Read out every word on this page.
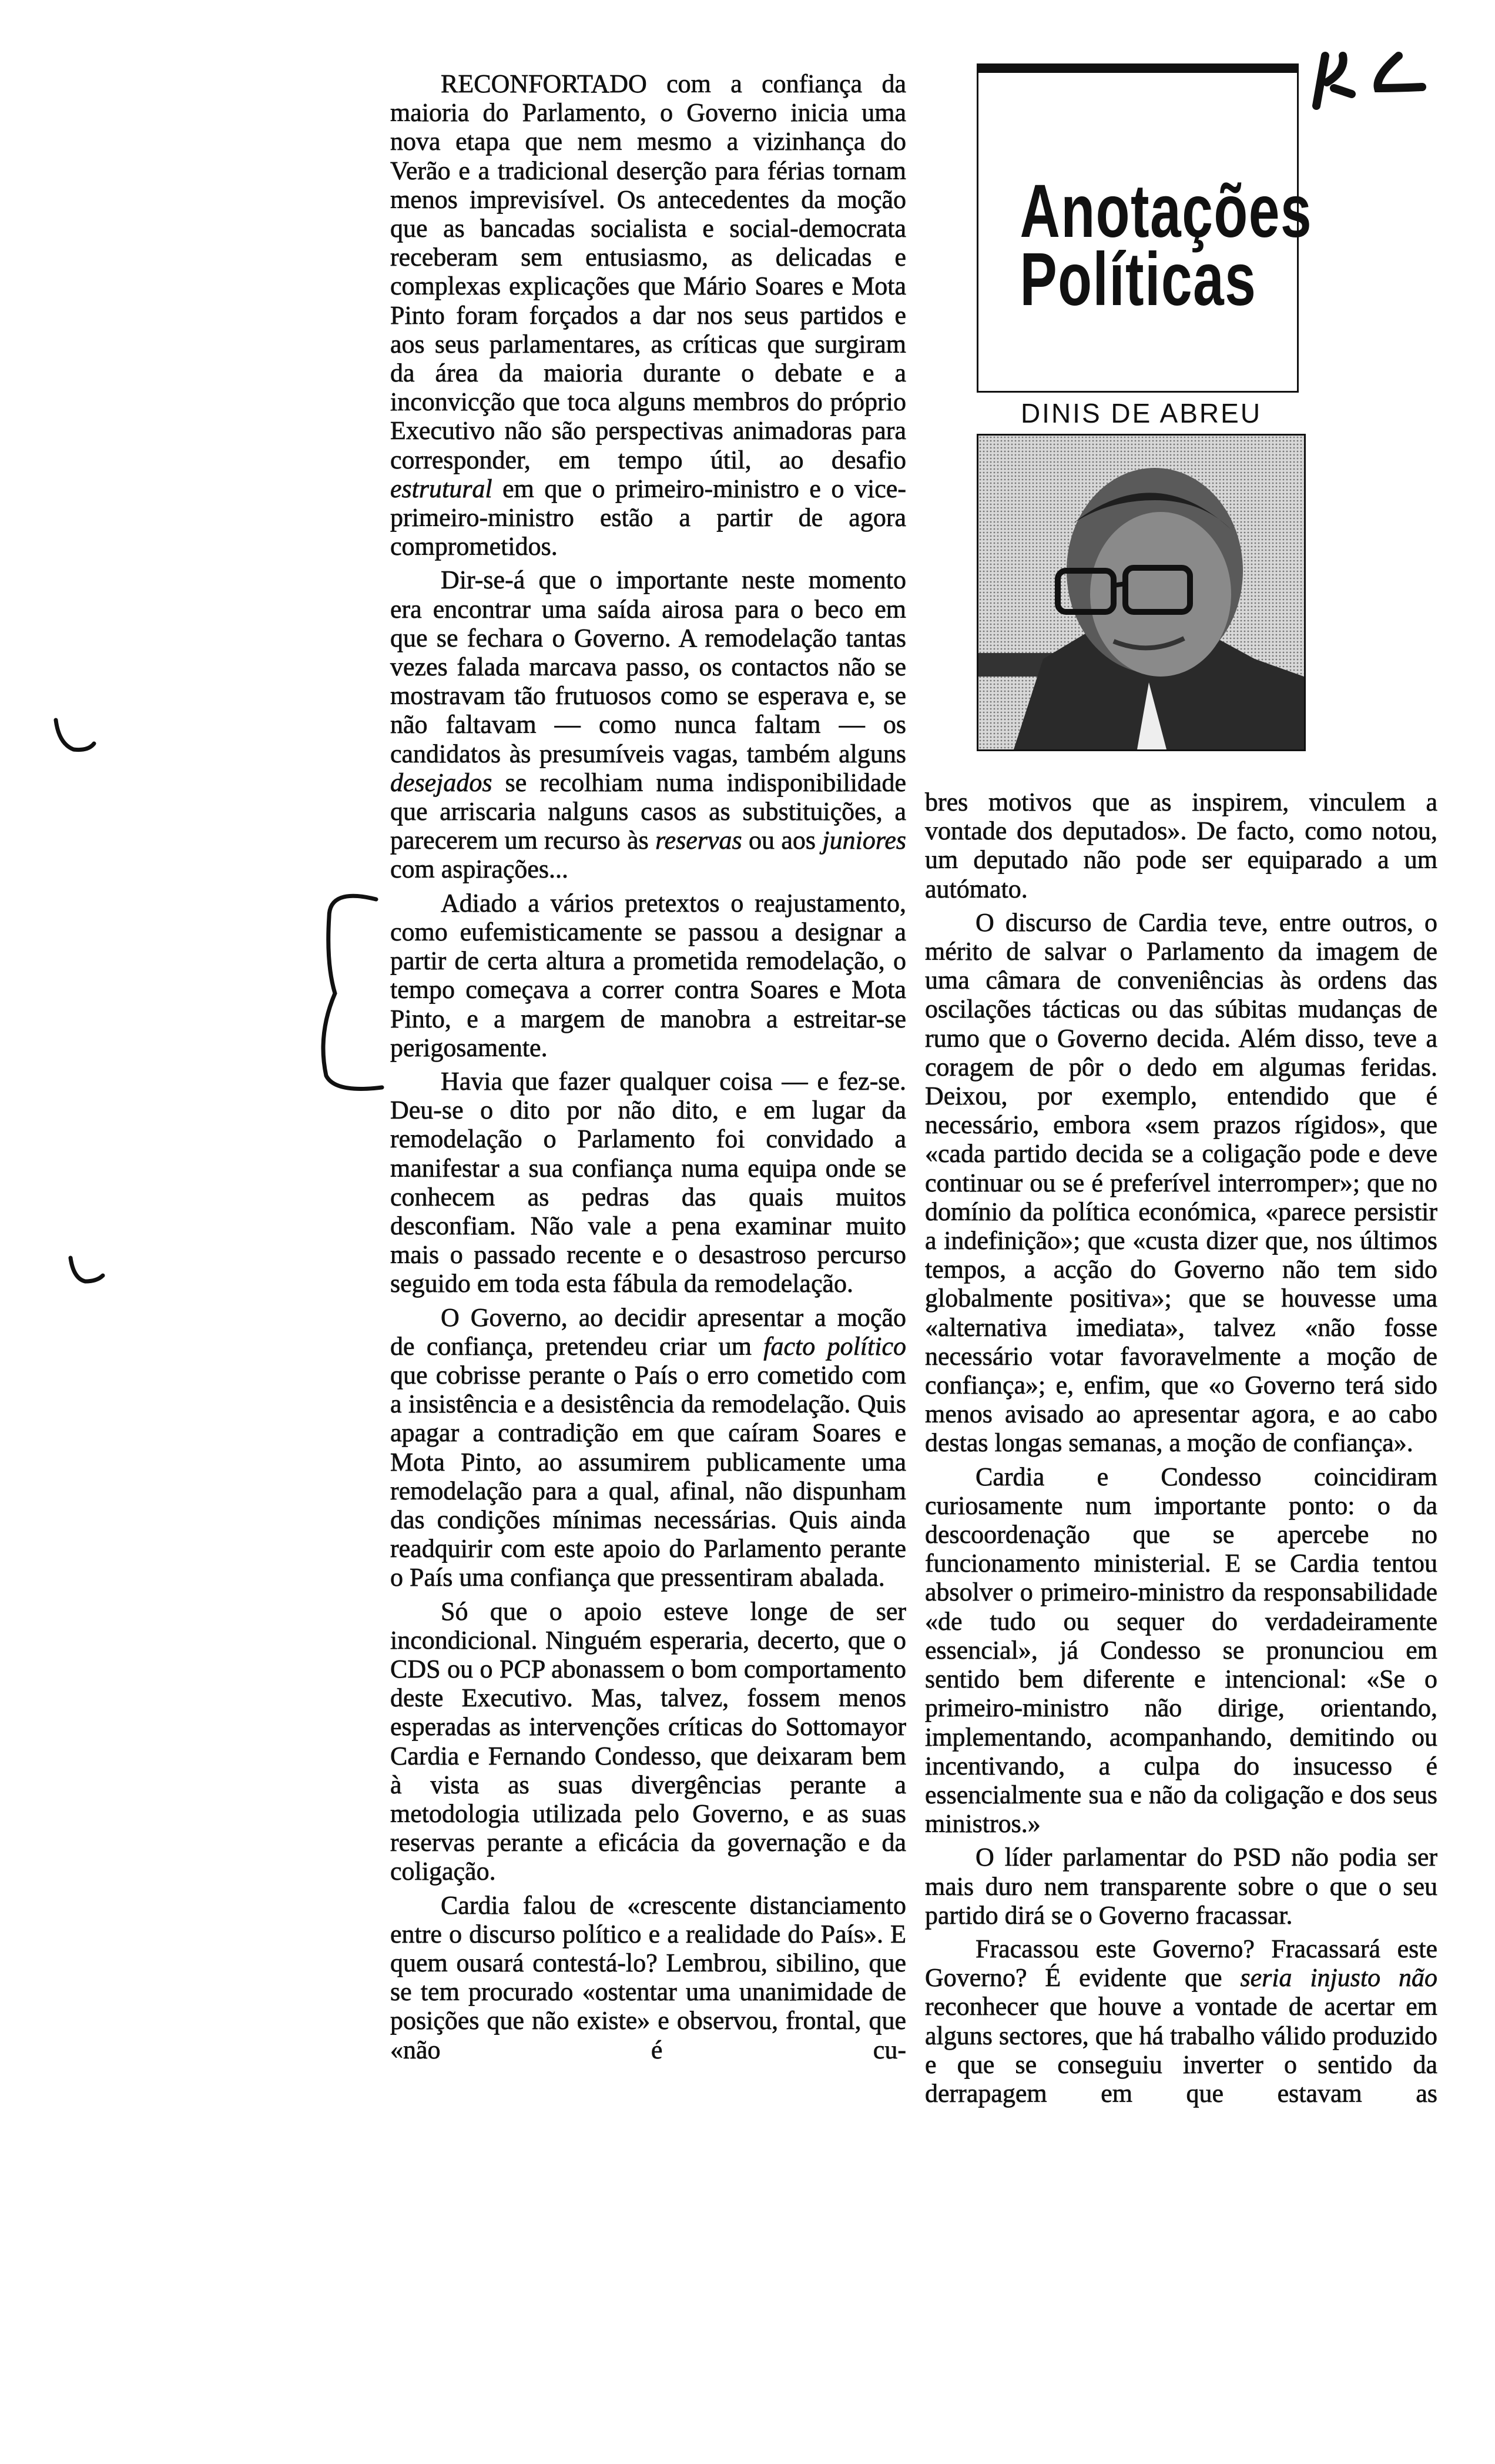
Anotações
Políticas
DINIS DE ABREU

RECONFORTADO com a confiança da maioria do Parlamento, o Governo inicia uma nova etapa que nem mesmo a vizinhança do Verão e a tradicional deserção para férias tornam menos imprevisível. Os antecedentes da moção que as bancadas socialista e social-democrata receberam sem entusiasmo, as delicadas e complexas explicações que Mário Soares e Mota Pinto foram forçados a dar nos seus partidos e aos seus parlamentares, as críticas que surgiram da área da maioria durante o debate e a inconvicção que toca alguns membros do próprio Executivo não são perspectivas animadoras para corresponder, em tempo útil, ao desafio estrutural em que o primeiro-ministro e o vice-primeiro-ministro estão a partir de agora comprometidos.

Dir-se-á que o importante neste momento era encontrar uma saída airosa para o beco em que se fechara o Governo. A remodelação tantas vezes falada marcava passo, os contactos não se mostravam tão frutuosos como se esperava e, se não faltavam — como nunca faltam — os candidatos às presumíveis vagas, também alguns desejados se recolhiam numa indisponibilidade que arriscaria nalguns casos as substituições, a parecerem um recurso às reservas ou aos juniores com aspirações...

Adiado a vários pretextos o reajustamento, como eufemisticamente se passou a designar a partir de certa altura a prometida remodelação, o tempo começava a correr contra Soares e Mota Pinto, e a margem de manobra a estreitar-se perigosamente.

Havia que fazer qualquer coisa — e fez-se. Deu-se o dito por não dito, e em lugar da remodelação o Parlamento foi convidado a manifestar a sua confiança numa equipa onde se conhecem as pedras das quais muitos desconfiam. Não vale a pena examinar muito mais o passado recente e o desastroso percurso seguido em toda esta fábula da remodelação.

O Governo, ao decidir apresentar a moção de confiança, pretendeu criar um facto político que cobrisse perante o País o erro cometido com a insistência e a desistência da remodelação. Quis apagar a contradição em que caíram Soares e Mota Pinto, ao assumirem publicamente uma remodelação para a qual, afinal, não dispunham das condições mínimas necessárias. Quis ainda readquirir com este apoio do Parlamento perante o País uma confiança que pressentiram abalada.

Só que o apoio esteve longe de ser incondicional. Ninguém esperaria, decerto, que o CDS ou o PCP abonassem o bom comportamento deste Executivo. Mas, talvez, fossem menos esperadas as intervenções críticas do Sottomayor Cardia e Fernando Condesso, que deixaram bem à vista as suas divergências perante a metodologia utilizada pelo Governo, e as suas reservas perante a eficácia da governação e da coligação.

Cardia falou de «crescente distanciamento entre o discurso político e a realidade do País». E quem ousará contestá-lo? Lembrou, sibilino, que se tem procurado «ostentar uma unanimidade de posições que não existe» e observou, frontal, que «não é cu-

bres motivos que as inspirem, vinculem a vontade dos deputados». De facto, como notou, um deputado não pode ser equiparado a um autómato.

O discurso de Cardia teve, entre outros, o mérito de salvar o Parlamento da imagem de uma câmara de conveniências às ordens das oscilações tácticas ou das súbitas mudanças de rumo que o Governo decida. Além disso, teve a coragem de pôr o dedo em algumas feridas. Deixou, por exemplo, entendido que é necessário, embora «sem prazos rígidos», que «cada partido decida se a coligação pode e deve continuar ou se é preferível interromper»; que no domínio da política económica, «parece persistir a indefinição»; que «custa dizer que, nos últimos tempos, a acção do Governo não tem sido globalmente positiva»; que se houvesse uma «alternativa imediata», talvez «não fosse necessário votar favoravelmente a moção de confiança»; e, enfim, que «o Governo terá sido menos avisado ao apresentar agora, e ao cabo destas longas semanas, a moção de confiança».

Cardia e Condesso coincidiram curiosamente num importante ponto: o da descoordenação que se apercebe no funcionamento ministerial. E se Cardia tentou absolver o primeiro-ministro da responsabilidade «de tudo ou sequer do verdadeiramente essencial», já Condesso se pronunciou em sentido bem diferente e intencional: «Se o primeiro-ministro não dirige, orientando, implementando, acompanhando, demitindo ou incentivando, a culpa do insucesso é essencialmente sua e não da coligação e dos seus ministros.»

O líder parlamentar do PSD não podia ser mais duro nem transparente sobre o que o seu partido dirá se o Governo fracassar.

Fracassou este Governo? Fracassará este Governo? É evidente que seria injusto não reconhecer que houve a vontade de acertar em alguns sectores, que há trabalho válido produzido e que se conseguiu inverter o sentido da derrapagem em que estavam as
